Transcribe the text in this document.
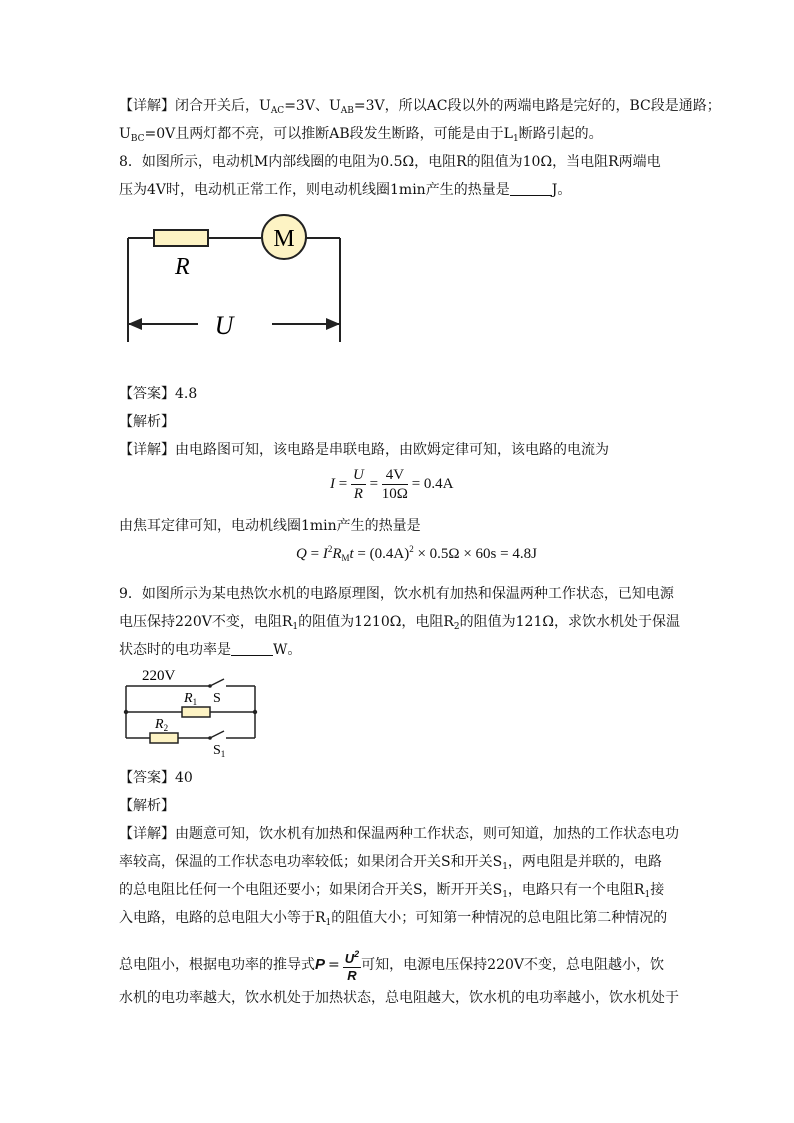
【详解】闭合开关后，$U_{AC}=3V$、$U_{AB}=3V$，所以AC段以外的两端电路是完好的，BC段是通路；
$U_{BC}=0V$且两灯都不亮，可以推断AB段发生断路，可能是由于$L_1$断路引起的。
8．如图所示，电动机M内部线圈的电阻为0.5Ω，电阻R的阻值为10Ω，当电阻R两端电
压为4V时，电动机正常工作，则电动机线圈1min产生的热量是	J。
M
R
U
【答案】4.8
【解析】
【详解】由电路图可知，该电路是串联电路，由欧姆定律可知，该电路的电流为
$I = \frac{U}{R} = \frac{4V}{10\Omega} = 0.4A$
由焦耳定律可知，电动机线圈1min产生的热量是
$Q = I^2R_Mt = (0.4A)^2 \times 0.5\Omega \times 60s = 4.8J$
9．如图所示为某电热饮水机的电路原理图，饮水机有加热和保温两种工作状态，已知电源
电压保持220V不变，电阻$R_1$的阻值为1210Ω，电阻$R_2$的阻值为121Ω，求饮水机处于保温
状态时的电功率是	W。
220V
S
$R_1$
$R_2$
$S_1$
【答案】40
【解析】
【详解】由题意可知，饮水机有加热和保温两种工作状态，则可知道，加热的工作状态电功
率较高，保温的工作状态电功率较低；如果闭合开关S和开关$S_1$，两电阻是并联的，电路
的总电阻比任何一个电阻还要小；如果闭合开关S，断开开关$S_1$，电路只有一个电阻$R_1$接
入电路，电路的总电阻大小等于$R_1$的阻值大小；可知第一种情况的总电阻比第二种情况的
总电阻小，根据电功率的推导式$P = \frac{U^2}{R}$ 可知，电源电压保持220V不变，总电阻越小，饮
水机的电功率越大，饮水机处于加热状态，总电阻越大，饮水机的电功率越小，饮水机处于
